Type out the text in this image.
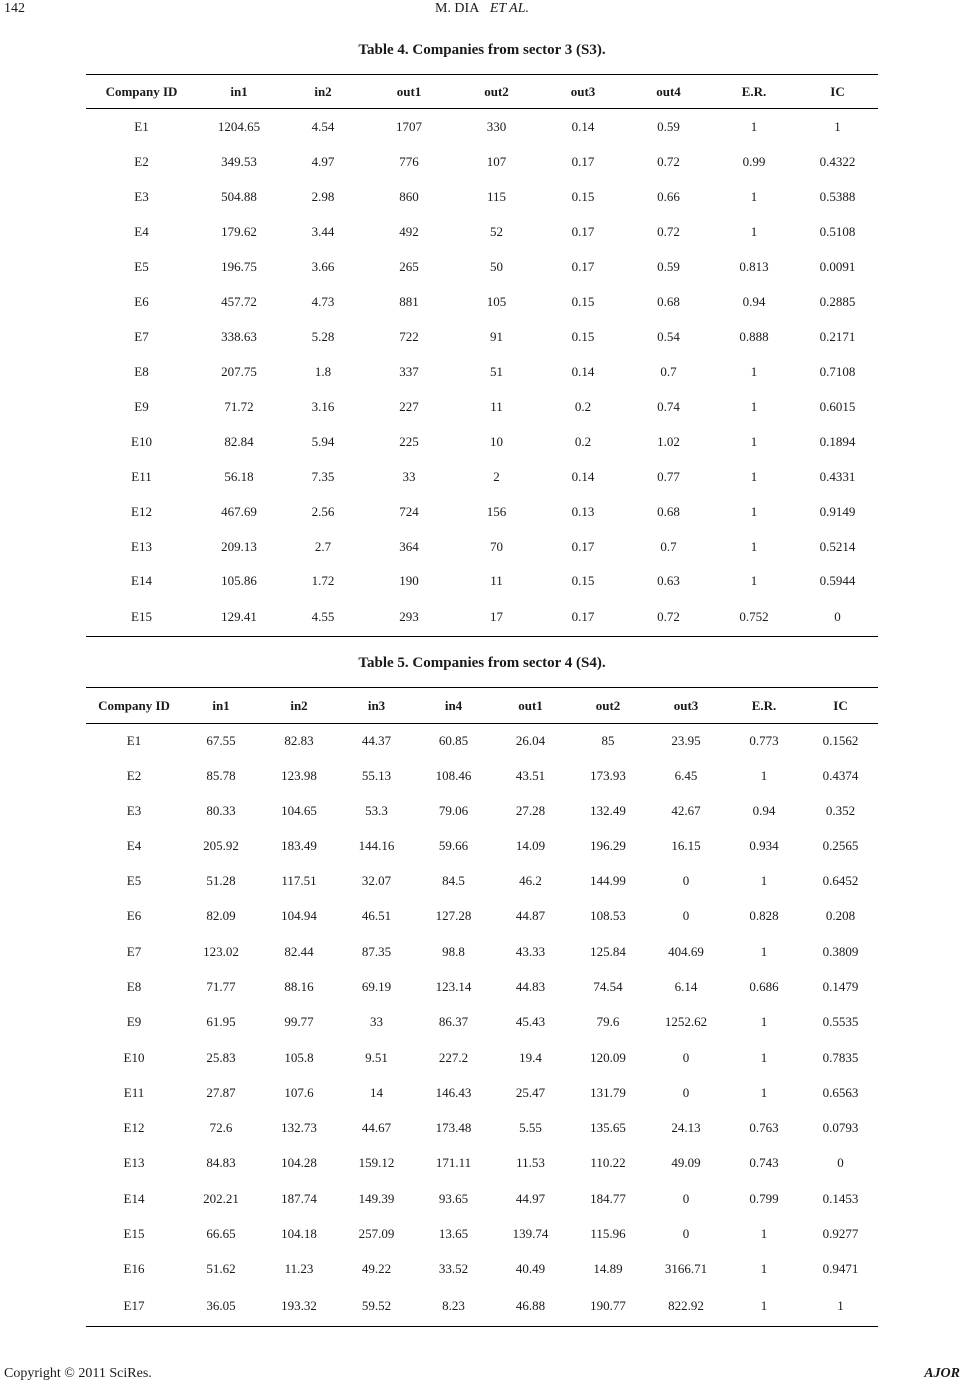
142	M. DIA ET AL.
Table 4. Companies from sector 3 (S3).
Company ID	in1	in2	out1	out2	out3	out4	E.R.	IC
E1	1204.65	4.54	1707	330	0.14	0.59	1	1
E2	349.53	4.97	776	107	0.17	0.72	0.99	0.4322
E3	504.88	2.98	860	115	0.15	0.66	1	0.5388
E4	179.62	3.44	492	52	0.17	0.72	1	0.5108
E5	196.75	3.66	265	50	0.17	0.59	0.813	0.0091
E6	457.72	4.73	881	105	0.15	0.68	0.94	0.2885
E7	338.63	5.28	722	91	0.15	0.54	0.888	0.2171
E8	207.75	1.8	337	51	0.14	0.7	1	0.7108
E9	71.72	3.16	227	11	0.2	0.74	1	0.6015
E10	82.84	5.94	225	10	0.2	1.02	1	0.1894
E11	56.18	7.35	33	2	0.14	0.77	1	0.4331
E12	467.69	2.56	724	156	0.13	0.68	1	0.9149
E13	209.13	2.7	364	70	0.17	0.7	1	0.5214
E14	105.86	1.72	190	11	0.15	0.63	1	0.5944
E15	129.41	4.55	293	17	0.17	0.72	0.752	0
Table 5. Companies from sector 4 (S4).
Company ID	in1	in2	in3	in4	out1	out2	out3	E.R.	IC
E1	67.55	82.83	44.37	60.85	26.04	85	23.95	0.773	0.1562
E2	85.78	123.98	55.13	108.46	43.51	173.93	6.45	1	0.4374
E3	80.33	104.65	53.3	79.06	27.28	132.49	42.67	0.94	0.352
E4	205.92	183.49	144.16	59.66	14.09	196.29	16.15	0.934	0.2565
E5	51.28	117.51	32.07	84.5	46.2	144.99	0	1	0.6452
E6	82.09	104.94	46.51	127.28	44.87	108.53	0	0.828	0.208
E7	123.02	82.44	87.35	98.8	43.33	125.84	404.69	1	0.3809
E8	71.77	88.16	69.19	123.14	44.83	74.54	6.14	0.686	0.1479
E9	61.95	99.77	33	86.37	45.43	79.6	1252.62	1	0.5535
E10	25.83	105.8	9.51	227.2	19.4	120.09	0	1	0.7835
E11	27.87	107.6	14	146.43	25.47	131.79	0	1	0.6563
E12	72.6	132.73	44.67	173.48	5.55	135.65	24.13	0.763	0.0793
E13	84.83	104.28	159.12	171.11	11.53	110.22	49.09	0.743	0
E14	202.21	187.74	149.39	93.65	44.97	184.77	0	0.799	0.1453
E15	66.65	104.18	257.09	13.65	139.74	115.96	0	1	0.9277
E16	51.62	11.23	49.22	33.52	40.49	14.89	3166.71	1	0.9471
E17	36.05	193.32	59.52	8.23	46.88	190.77	822.92	1	1
Copyright © 2011 SciRes.	AJOR
